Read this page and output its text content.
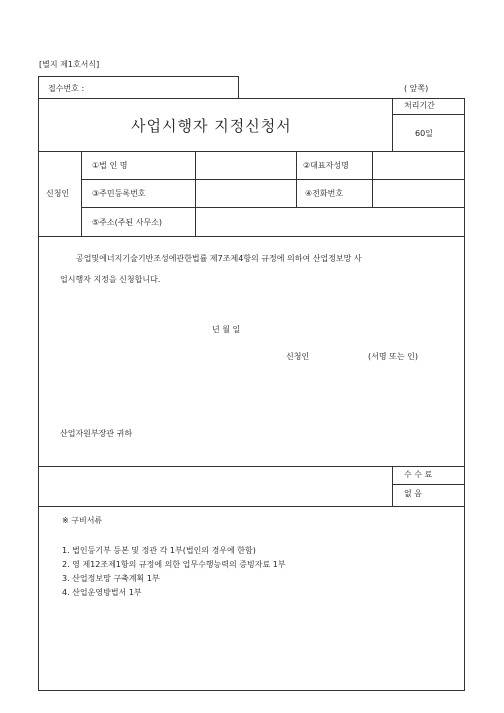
[별지 제1호서식]
접수번호 :	( 앞쪽)
사업시행자 지정신청서
처리기간
60일
신청인
①법 인 명	②대표자성명
③주민등록번호	④전화번호
⑤주소(주된 사무소)
공업및에너지기술기반조성에관한법률 제7조제4항의 규정에 의하여 산업정보망 사
업시행자 지정을 신청합니다.
년 월 일
신청인	(서명 또는 인)
산업자원부장관 귀하
수 수 료
없 음
※ 구비서류
1. 법인등기부 등본 및 정관 각 1부(법인의 경우에 한함)
2. 영 제12조제1항의 규정에 의한 업무수행능력의 증빙자료 1부
3. 산업정보망 구축계획 1부
4. 산업운영방법서 1부
